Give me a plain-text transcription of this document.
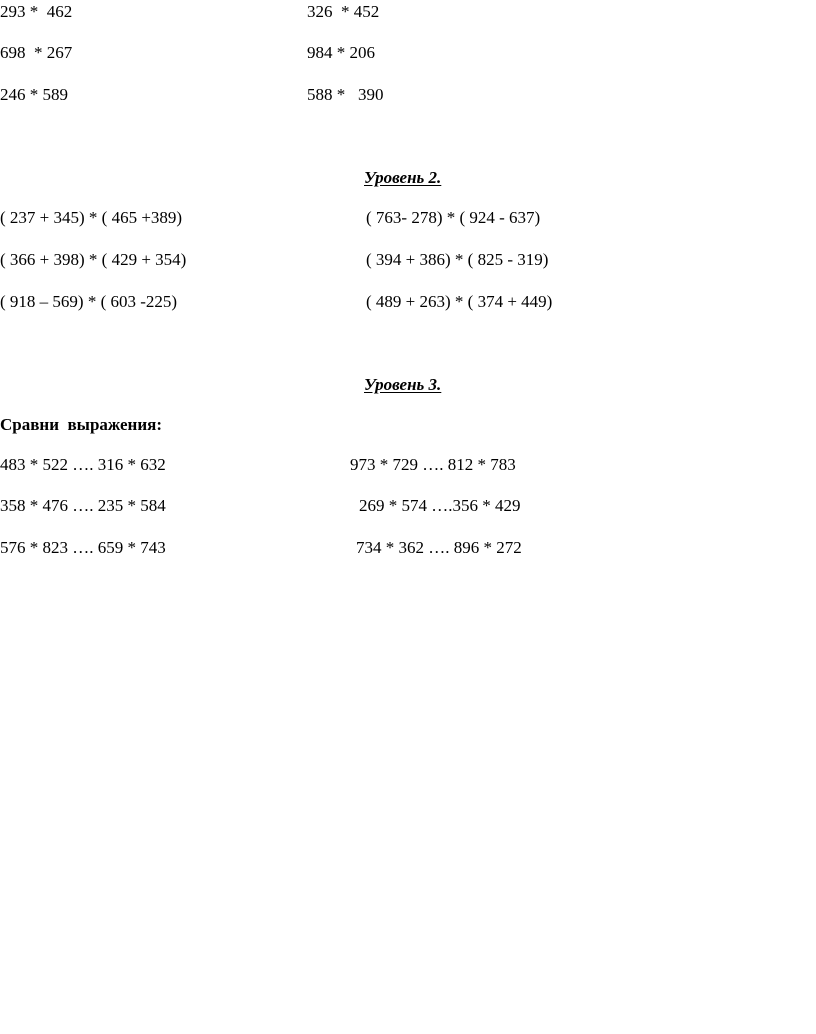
293 *  462	326  * 452

698  * 267	984 * 206

246 * 589	588 *   390

Уровень 2.

( 237 + 345) * ( 465 +389)	( 763- 278) * ( 924 - 637)

( 366 + 398) * ( 429 + 354)	( 394 + 386) * ( 825 - 319)

( 918 – 569) * ( 603 -225)	( 489 + 263) * ( 374 + 449)

Уровень 3.

Сравни  выражения:

483 * 522 …. 316 * 632	973 * 729 …. 812 * 783

358 * 476 …. 235 * 584	269 * 574 ….356 * 429

576 * 823 …. 659 * 743	734 * 362 …. 896 * 272
